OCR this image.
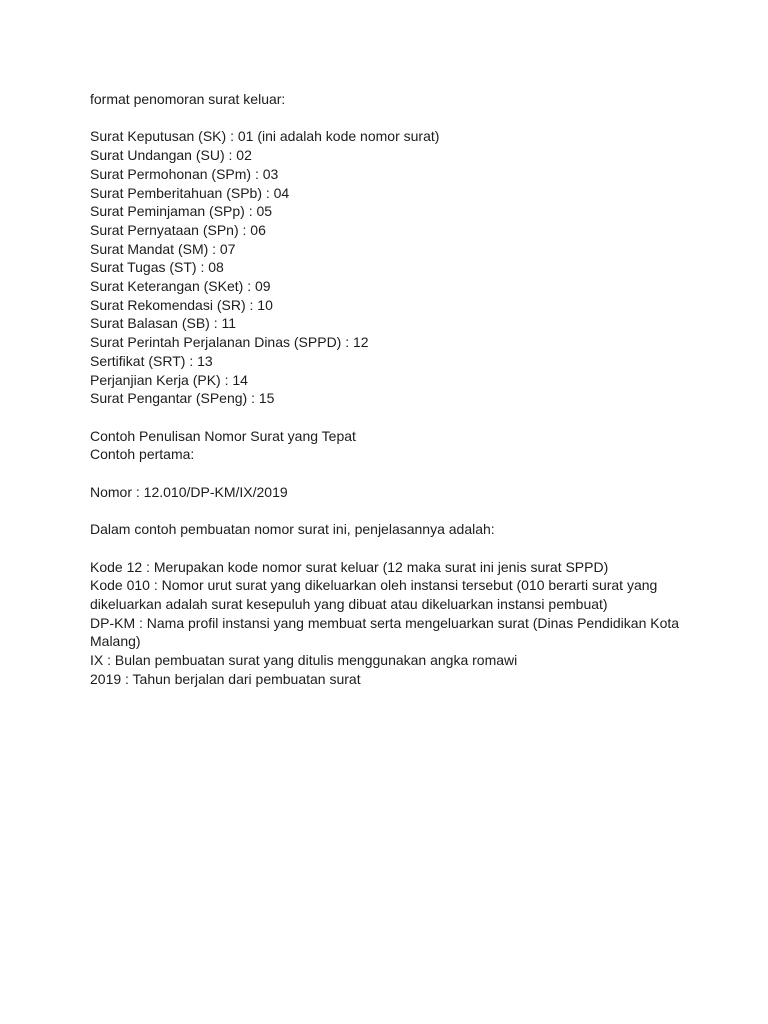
format penomoran surat keluar:
Surat Keputusan (SK) : 01 (ini adalah kode nomor surat)
Surat Undangan (SU) : 02
Surat Permohonan (SPm) : 03
Surat Pemberitahuan (SPb) : 04
Surat Peminjaman (SPp) : 05
Surat Pernyataan (SPn) : 06
Surat Mandat (SM) : 07
Surat Tugas (ST) : 08
Surat Keterangan (SKet) : 09
Surat Rekomendasi (SR) : 10
Surat Balasan (SB) : 11
Surat Perintah Perjalanan Dinas (SPPD) : 12
Sertifikat (SRT) : 13
Perjanjian Kerja (PK) : 14
Surat Pengantar (SPeng) : 15
Contoh Penulisan Nomor Surat yang Tepat
Contoh pertama:
Nomor : 12.010/DP-KM/IX/2019
Dalam contoh pembuatan nomor surat ini, penjelasannya adalah:
Kode 12 : Merupakan kode nomor surat keluar (12 maka surat ini jenis surat SPPD)
Kode 010 : Nomor urut surat yang dikeluarkan oleh instansi tersebut (010 berarti surat yang dikeluarkan adalah surat kesepuluh yang dibuat atau dikeluarkan instansi pembuat)
DP-KM : Nama profil instansi yang membuat serta mengeluarkan surat (Dinas Pendidikan Kota Malang)
IX : Bulan pembuatan surat yang ditulis menggunakan angka romawi
2019 : Tahun berjalan dari pembuatan surat
